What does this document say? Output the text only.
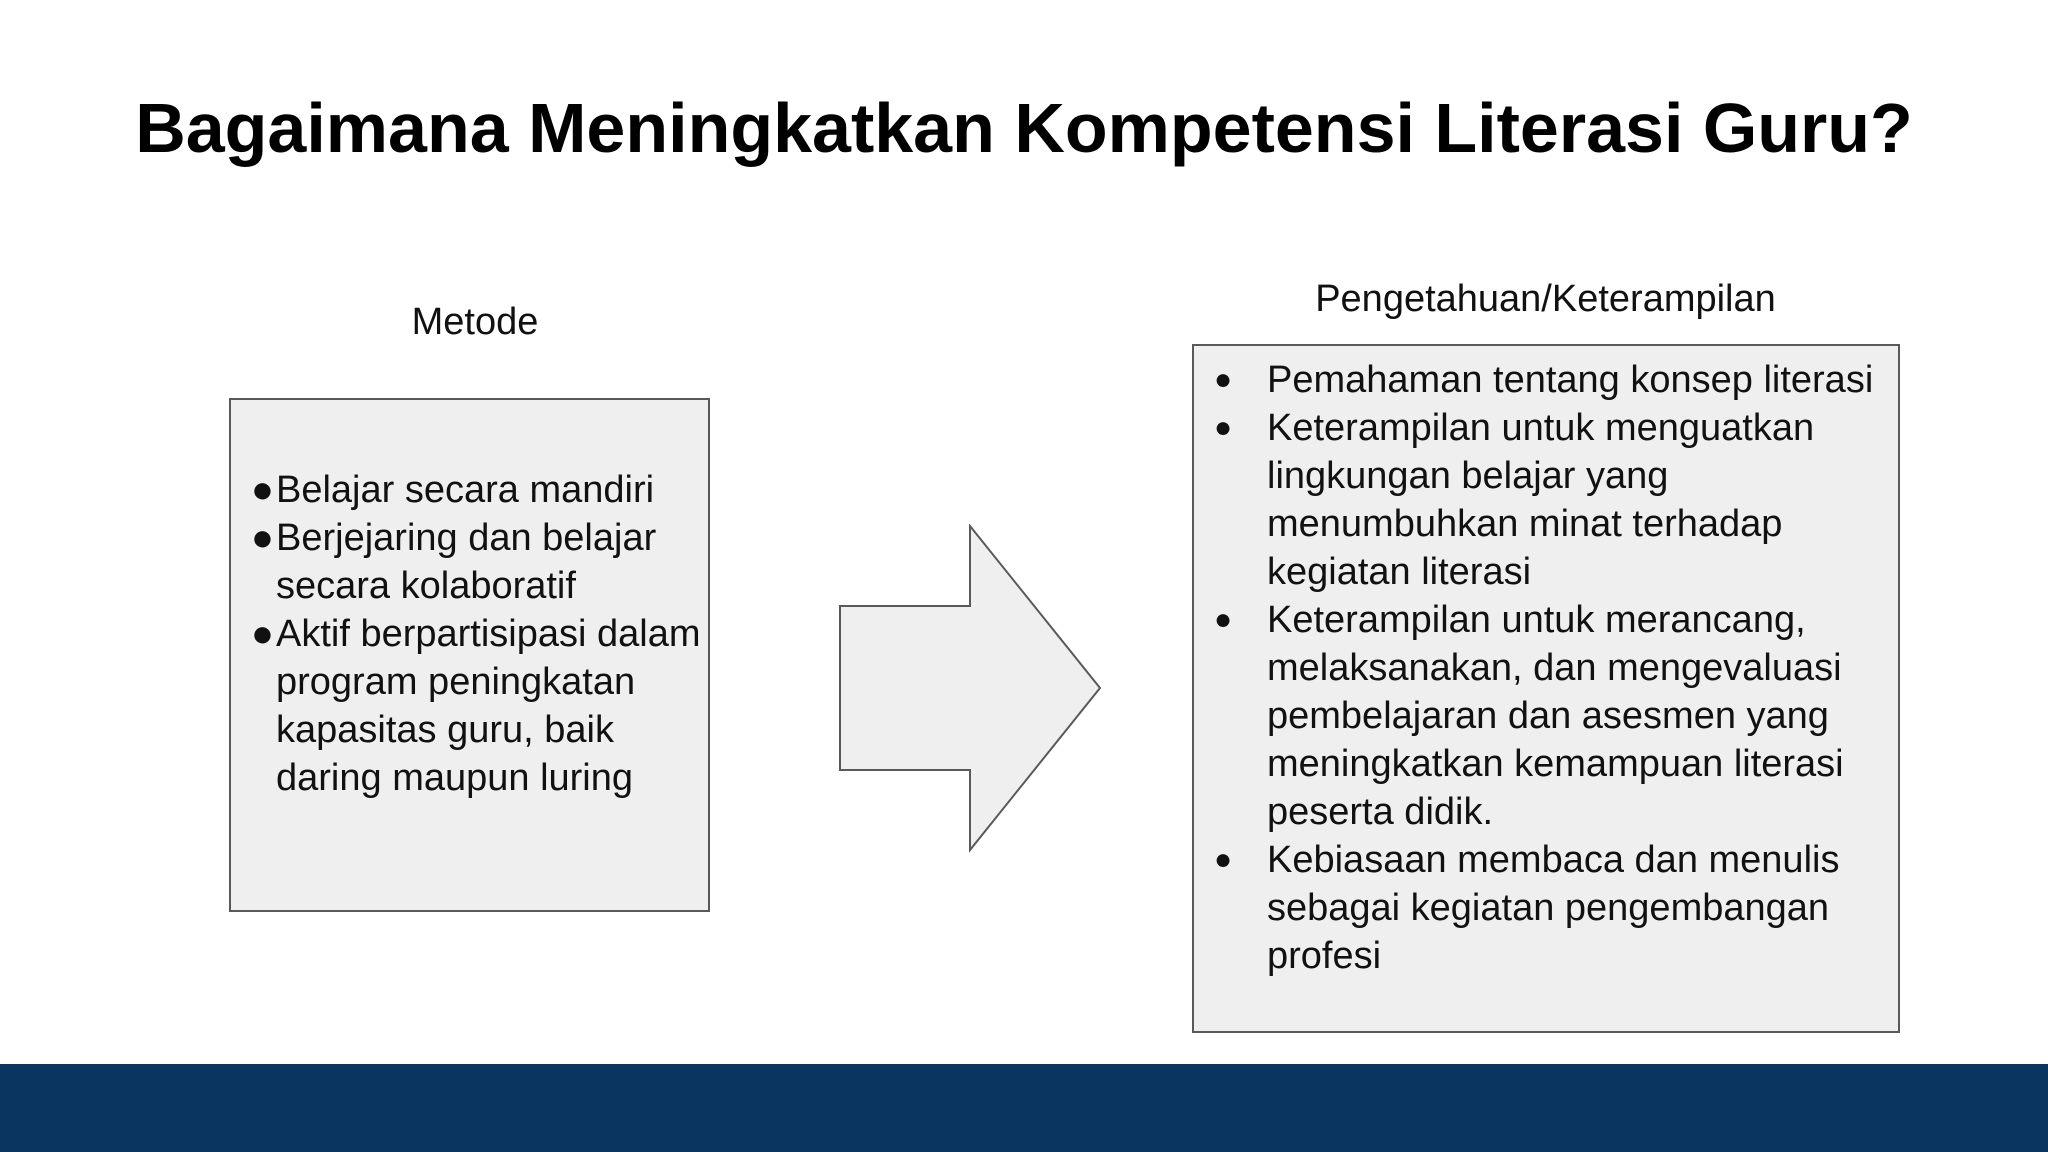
Bagaimana Meningkatkan Kompetensi Literasi Guru?
Metode
● Belajar secara mandiri
● Berjejaring dan belajar secara kolaboratif
● Aktif berpartisipasi dalam program peningkatan kapasitas guru, baik daring maupun luring
Pengetahuan/Keterampilan
● Pemahaman tentang konsep literasi
● Keterampilan untuk menguatkan lingkungan belajar yang menumbuhkan minat terhadap kegiatan literasi
● Keterampilan untuk merancang, melaksanakan, dan mengevaluasi pembelajaran dan asesmen yang meningkatkan kemampuan literasi peserta didik.
● Kebiasaan membaca dan menulis sebagai kegiatan pengembangan profesi
